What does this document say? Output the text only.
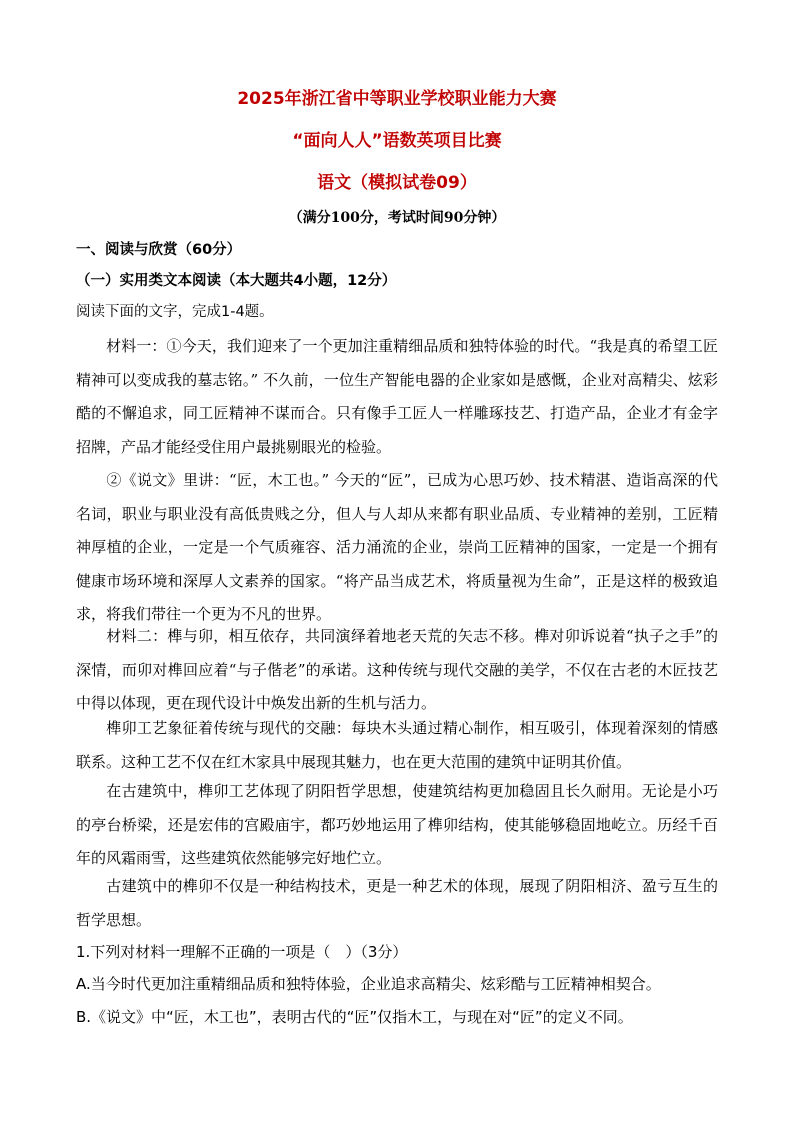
2025年浙江省中等职业学校职业能力大赛
“面向人人”语数英项目比赛
语文（模拟试卷09）
（满分100分，考试时间90分钟）
一、阅读与欣赏（60分）
（一）实用类文本阅读（本大题共4小题，12分）
阅读下面的文字，完成1-4题。
材料一：①今天，我们迎来了一个更加注重精细品质和独特体验的时代。“我是真的希望工匠精神可以变成我的墓志铭。” 不久前，一位生产智能电器的企业家如是感慨，企业对高精尖、炫彩酷的不懈追求，同工匠精神不谋而合。只有像手工匠人一样雕琢技艺、打造产品，企业才有金字招牌，产品才能经受住用户最挑剔眼光的检验。
②《说文》里讲：“匠，木工也。” 今天的“匠”，已成为心思巧妙、技术精湛、造诣高深的代名词，职业与职业没有高低贵贱之分，但人与人却从来都有职业品质、专业精神的差别，工匠精神厚植的企业，一定是一个气质雍容、活力涌流的企业，崇尚工匠精神的国家，一定是一个拥有健康市场环境和深厚人文素养的国家。“将产品当成艺术，将质量视为生命”，正是这样的极致追求，将我们带往一个更为不凡的世界。
材料二：榫与卯，相互依存，共同演绎着地老天荒的矢志不移。榫对卯诉说着“执子之手”的深情，而卯对榫回应着“与子偕老”的承诺。这种传统与现代交融的美学，不仅在古老的木匠技艺中得以体现，更在现代设计中焕发出新的生机与活力。
榫卯工艺象征着传统与现代的交融：每块木头通过精心制作，相互吸引，体现着深刻的情感联系。这种工艺不仅在红木家具中展现其魅力，也在更大范围的建筑中证明其价值。
在古建筑中，榫卯工艺体现了阴阳哲学思想，使建筑结构更加稳固且长久耐用。无论是小巧的亭台桥梁，还是宏伟的宫殿庙宇，都巧妙地运用了榫卯结构，使其能够稳固地屹立。历经千百年的风霜雨雪，这些建筑依然能够完好地伫立。
古建筑中的榫卯不仅是一种结构技术，更是一种艺术的体现，展现了阴阳相济、盈亏互生的哲学思想。
1.下列对材料一理解不正确的一项是（　）（3分）
A.当今时代更加注重精细品质和独特体验，企业追求高精尖、炫彩酷与工匠精神相契合。
B.《说文》中“匠，木工也”，表明古代的“匠”仅指木工，与现在对“匠”的定义不同。
